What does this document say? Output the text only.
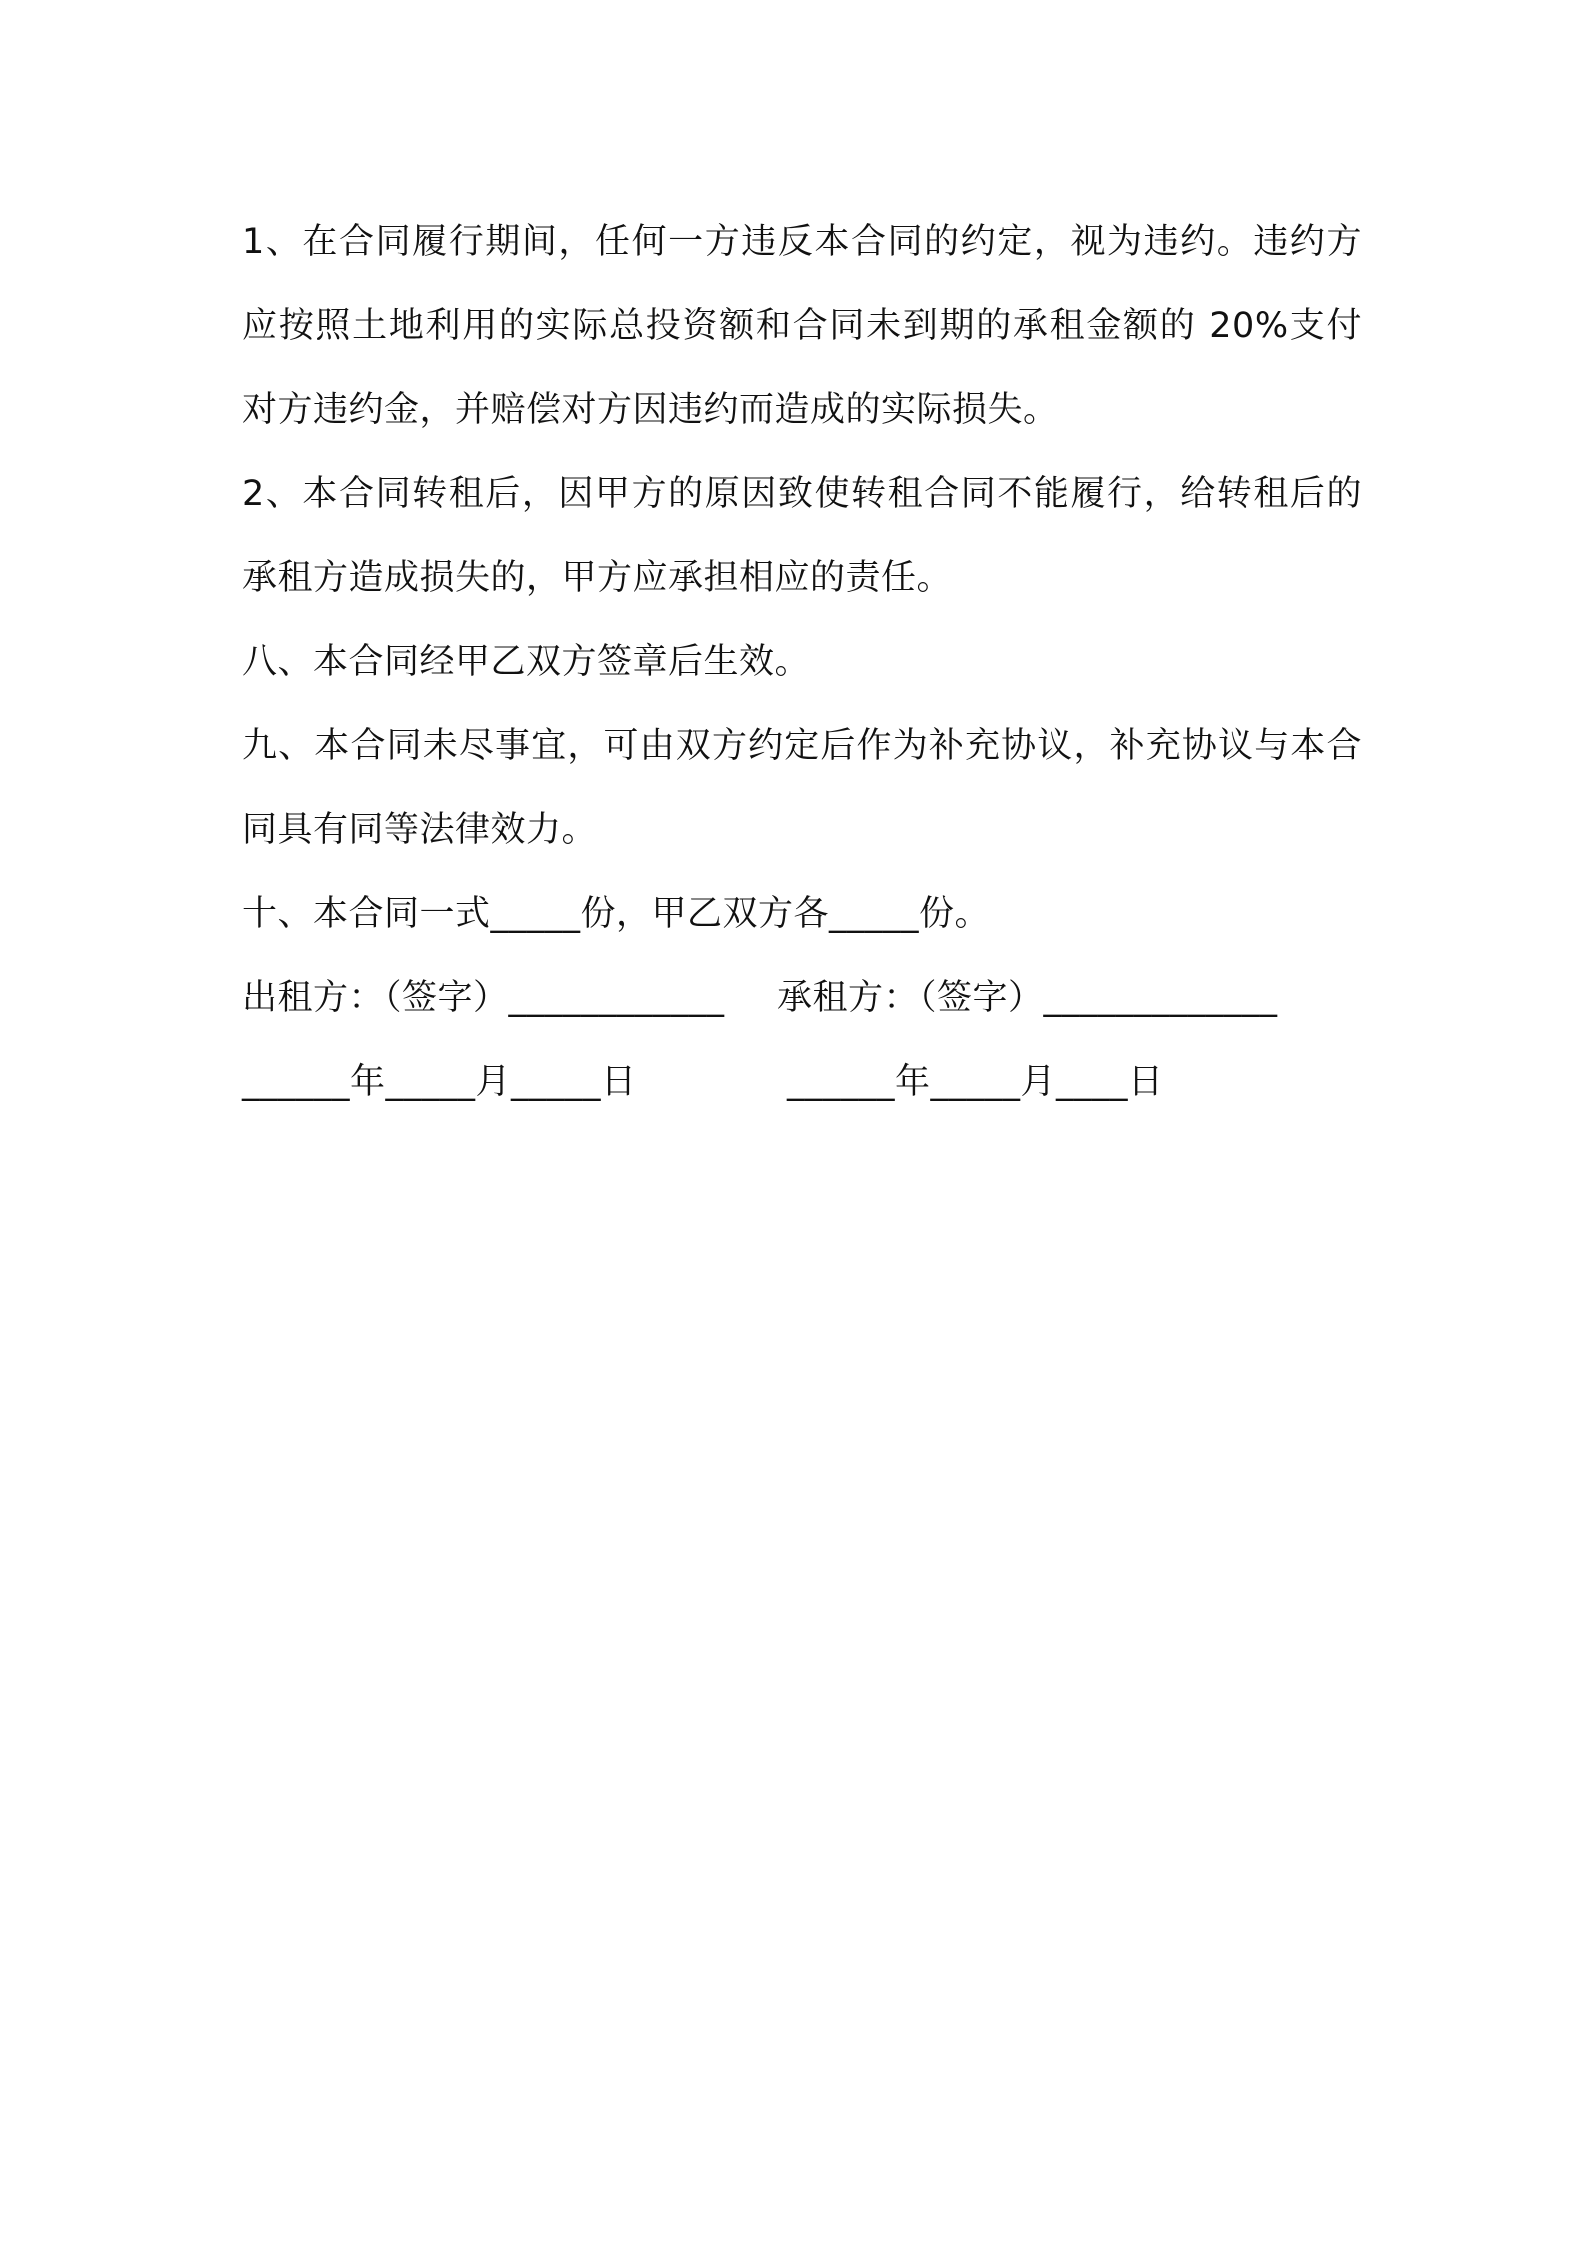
1、在合同履行期间，任何一方违反本合同的约定，视为违约。违约方应按照土地利用的实际总投资额和合同未到期的承租金额的 20%支付对方违约金，并赔偿对方因违约而造成的实际损失。

2、本合同转租后，因甲方的原因致使转租合同不能履行，给转租后的承租方造成损失的，甲方应承担相应的责任。

八、本合同经甲乙双方签章后生效。

九、本合同未尽事宜，可由双方约定后作为补充协议，补充协议与本合同具有同等法律效力。

十、本合同一式_____份，甲乙双方各_____份。

出租方：（签字）____________	承租方：（签字）_____________
______年_____月_____日	______年_____月____日
